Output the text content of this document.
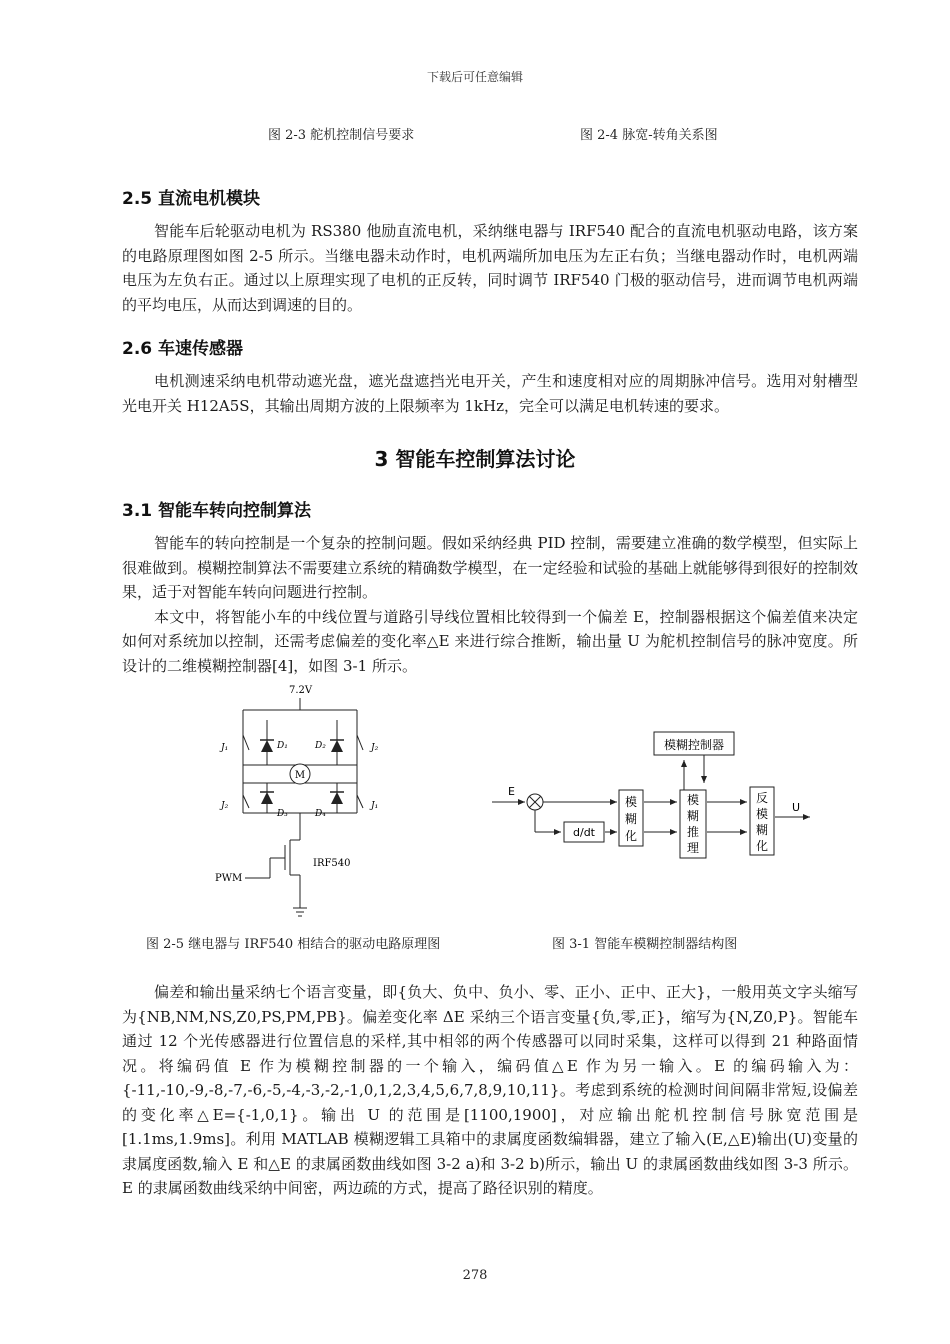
下载后可任意编辑
图 2-3 舵机控制信号要求	图 2-4 脉宽-转角关系图
2.5 直流电机模块

智能车后轮驱动电机为 RS380 他励直流电机，采纳继电器与 IRF540 配合的直流电机驱动电路，该方案的电路原理图如图 2-5 所示。当继电器未动作时，电机两端所加电压为左正右负；当继电器动作时，电机两端电压为左负右正。通过以上原理实现了电机的正反转，同时调节 IRF540 门极的驱动信号，进而调节电机两端的平均电压，从而达到调速的目的。

2.6 车速传感器

电机测速采纳电机带动遮光盘，遮光盘遮挡光电开关，产生和速度相对应的周期脉冲信号。选用对射槽型光电开关 H12A5S，其输出周期方波的上限频率为 1kHz，完全可以满足电机转速的要求。

3 智能车控制算法讨论
3.1 智能车转向控制算法

智能车的转向控制是一个复杂的控制问题。假如采纳经典 PID 控制，需要建立准确的数学模型，但实际上很难做到。模糊控制算法不需要建立系统的精确数学模型，在一定经验和试验的基础上就能够得到很好的控制效果，适于对智能车转向问题进行控制。

本文中，将智能小车的中线位置与道路引导线位置相比较得到一个偏差 E，控制器根据这个偏差值来决定如何对系统加以控制，还需考虑偏差的变化率△E 来进行综合推断，输出量 U 为舵机控制信号的脉冲宽度。所设计的二维模糊控制器[4]，如图 3-1 所示。

M
7.2V
J₁	D₁	D₂	J₂
J₂
D₃	D₄
J₁
IRF540
PWM
模糊控制器
E
d/dt
模
糊
化
模
糊
推
理
反
模
糊
化
U
图 2-5 继电器与 IRF540 相结合的驱动电路原理图	图 3-1 智能车模糊控制器结构图

偏差和输出量采纳七个语言变量，即{负大、负中、负小、零、正小、正中、正大}，一般用英文字头缩写为{NB,NM,NS,Z0,PS,PM,PB}。偏差变化率 ΔE 采纳三个语言变量{负,零,正}，缩写为{N,Z0,P}。智能车通过 12 个光传感器进行位置信息的采样,其中相邻的两个传感器可以同时采集，这样可以得到 21 种路面情况。将编码值 E 作为模糊控制器的一个输入，编码值△E 作为另一输入。E 的编码输入为：{-11,-10,-9,-8,-7,-6,-5,-4,-3,-2,-1,0,1,2,3,4,5,6,7,8,9,10,11}。考虑到系统的检测时间间隔非常短,设偏差的变化率△E={-1,0,1}。输出 U 的范围是[1100,1900]，对应输出舵机控制信号脉宽范围是[1.1ms,1.9ms]。利用 MATLAB 模糊逻辑工具箱中的隶属度函数编辑器，建立了输入(E,△E)输出(U)变量的隶属度函数,输入 E 和△E 的隶属函数曲线如图 3-2 a)和 3-2 b)所示，输出 U 的隶属函数曲线如图 3-3 所示。E 的隶属函数曲线采纳中间密，两边疏的方式，提高了路径识别的精度。

278
